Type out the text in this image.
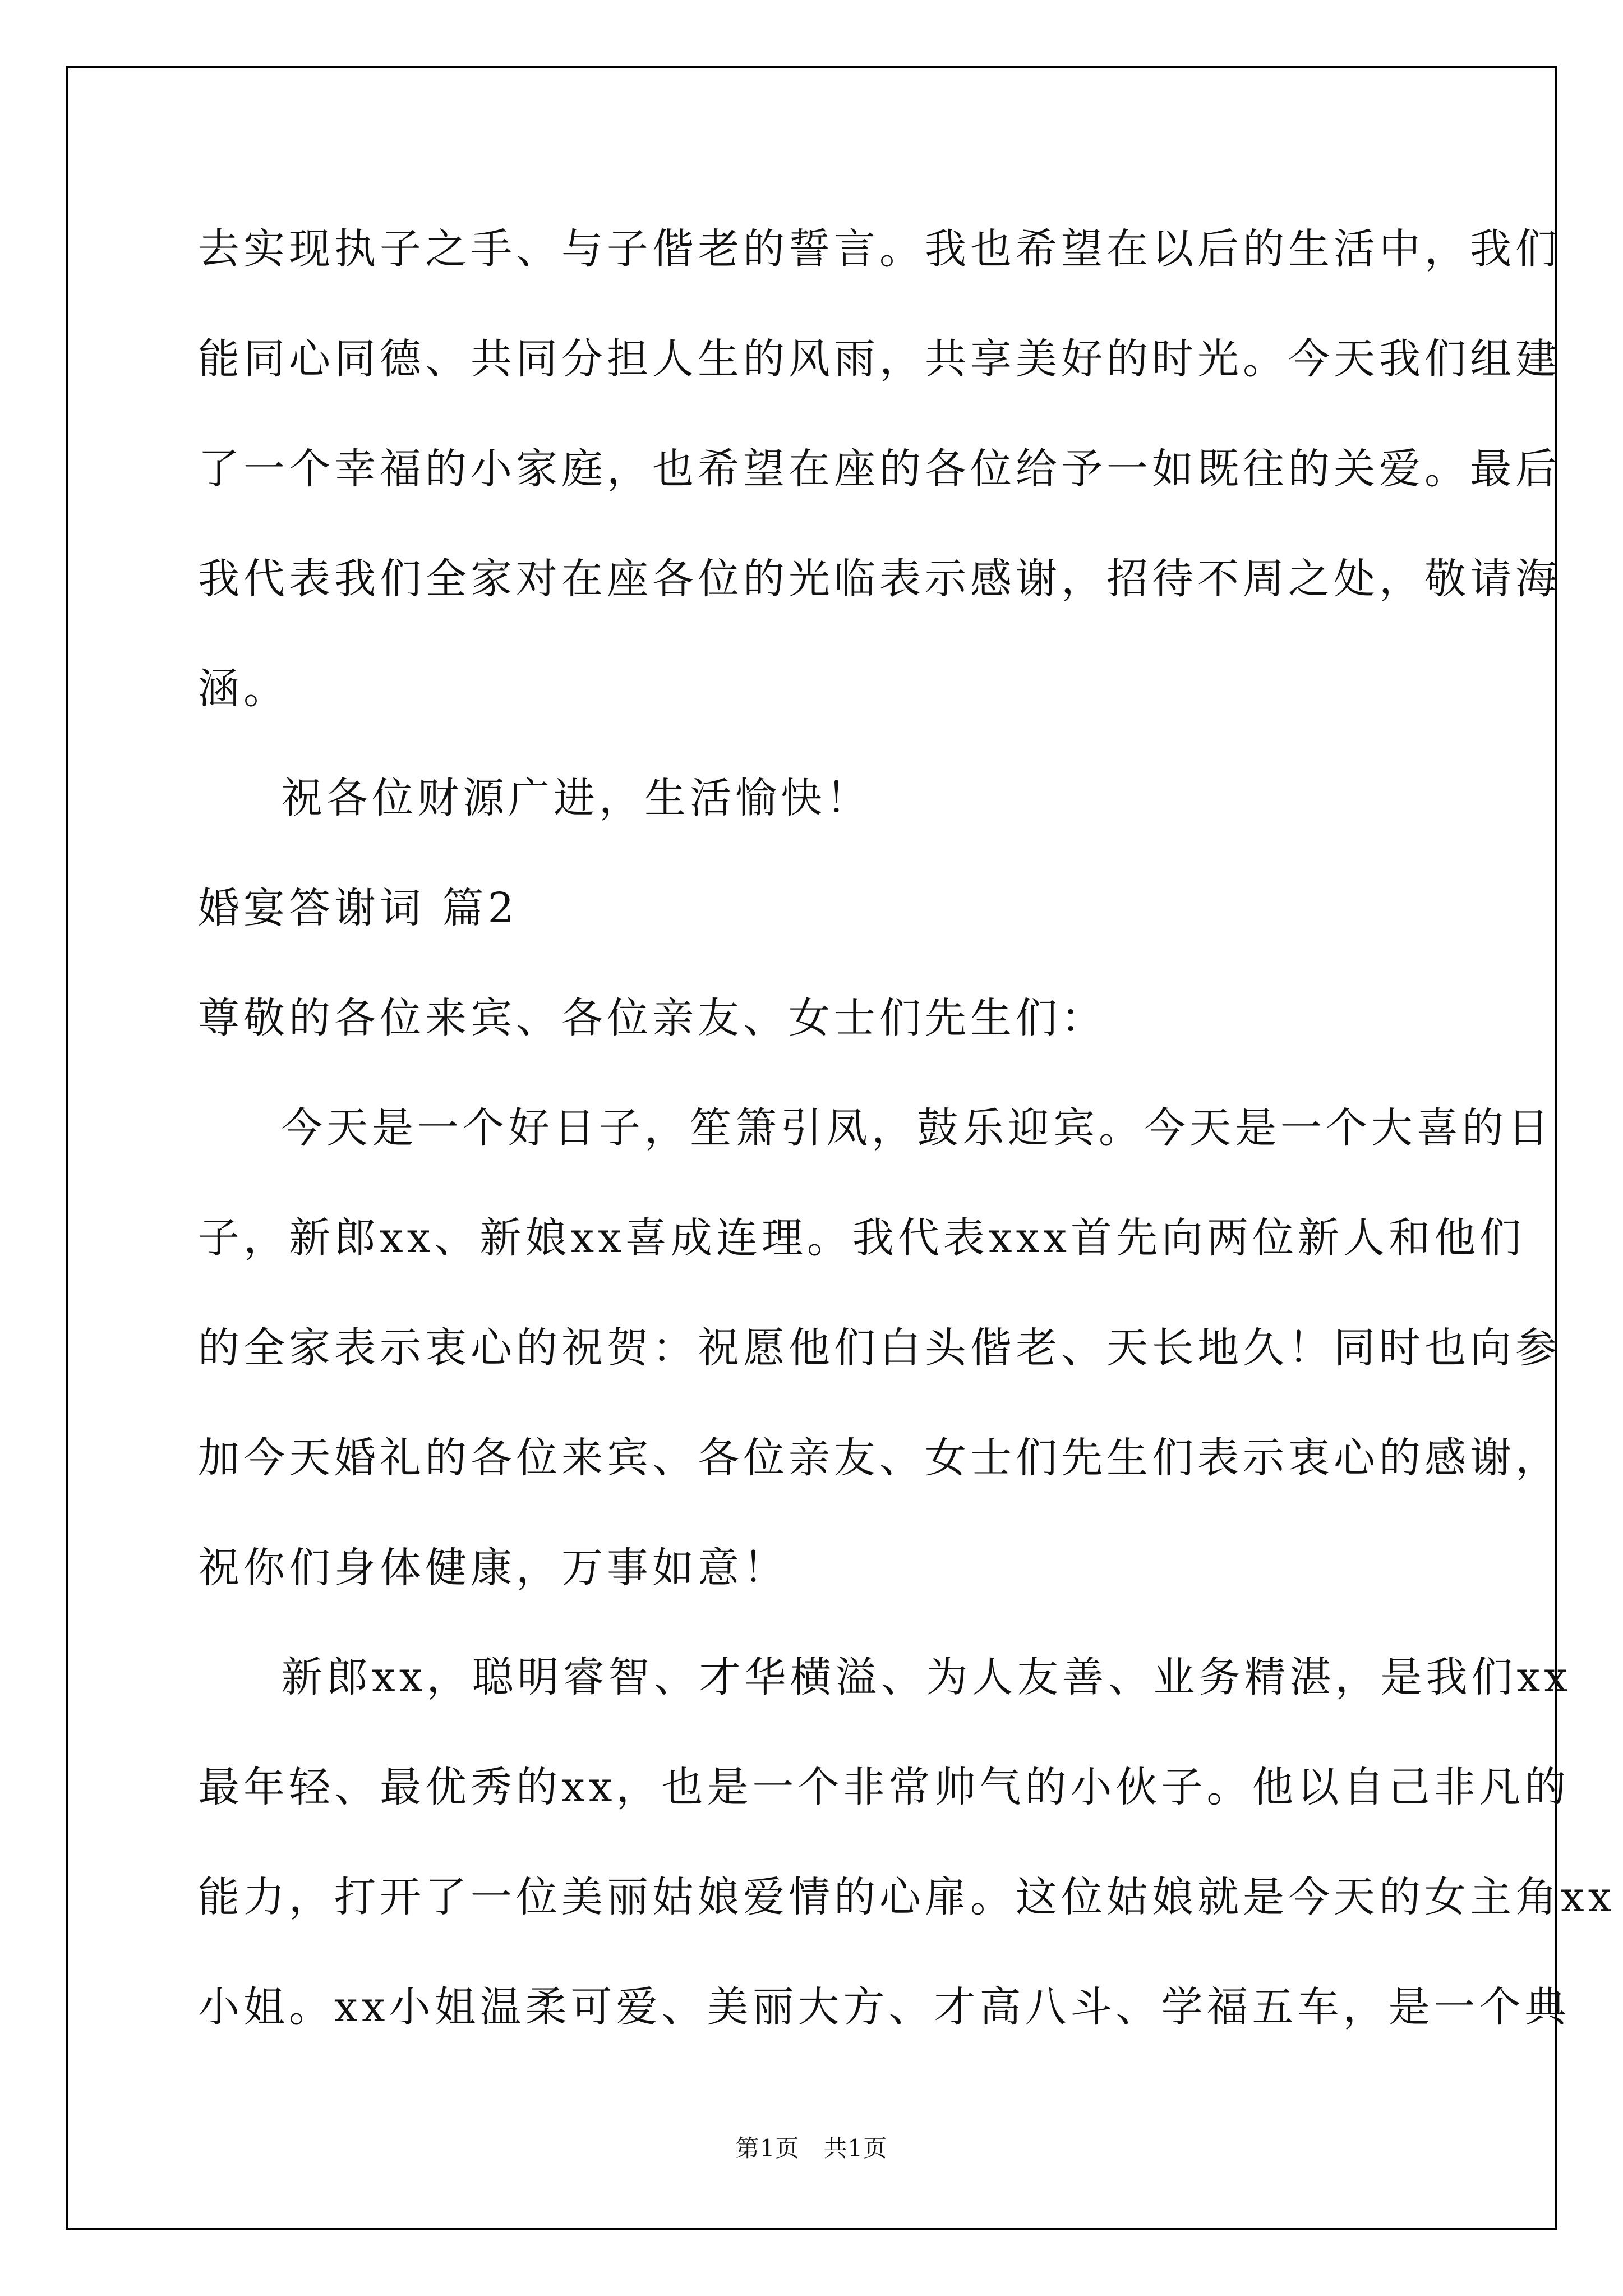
去实现执子之手、与子偕老的誓言。我也希望在以后的生活中，我们
能同心同德、共同分担人生的风雨，共享美好的时光。今天我们组建
了一个幸福的小家庭，也希望在座的各位给予一如既往的关爱。最后
我代表我们全家对在座各位的光临表示感谢，招待不周之处，敬请海
涵。
祝各位财源广进，生活愉快！
婚宴答谢词 篇2
尊敬的各位来宾、各位亲友、女士们先生们：
今天是一个好日子，笙箫引凤，鼓乐迎宾。今天是一个大喜的日
子，新郎xx、新娘xx喜成连理。我代表xxx首先向两位新人和他们
的全家表示衷心的祝贺：祝愿他们白头偕老、天长地久！同时也向参
加今天婚礼的各位来宾、各位亲友、女士们先生们表示衷心的感谢，
祝你们身体健康，万事如意！
新郎xx，聪明睿智、才华横溢、为人友善、业务精湛，是我们xx
最年轻、最优秀的xx，也是一个非常帅气的小伙子。他以自己非凡的
能力，打开了一位美丽姑娘爱情的心扉。这位姑娘就是今天的女主角xx
小姐。xx小姐温柔可爱、美丽大方、才高八斗、学福五车，是一个典
第1页　共1页
